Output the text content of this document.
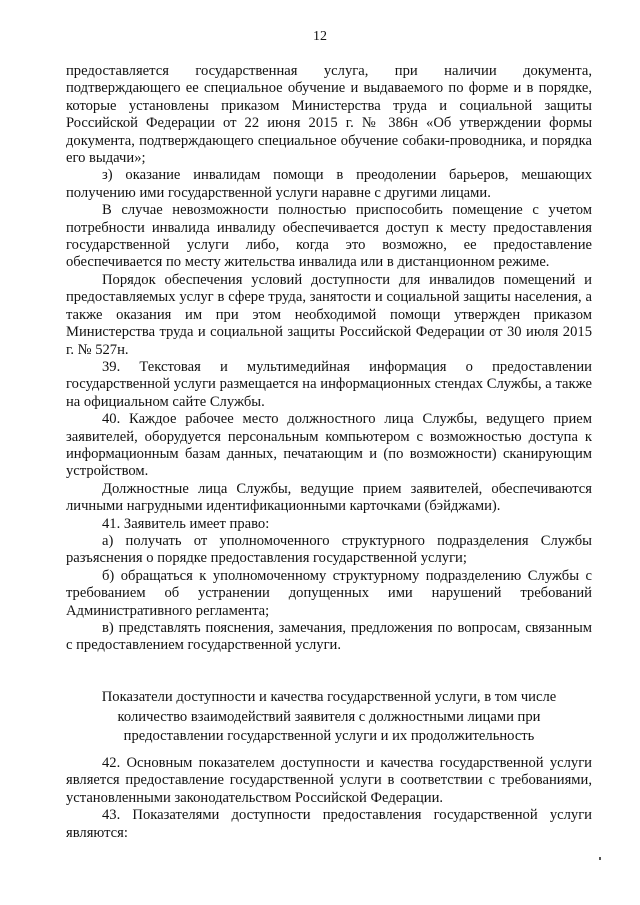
12

предоставляется государственная услуга, при наличии документа, подтверждающего ее специальное обучение и выдаваемого по форме и в порядке, которые установлены приказом Министерства труда и социальной защиты Российской Федерации от 22 июня 2015 г. № 386н «Об утверждении формы документа, подтверждающего специальное обучение собаки-проводника, и порядка его выдачи»;

з) оказание инвалидам помощи в преодолении барьеров, мешающих получению ими государственной услуги наравне с другими лицами.

В случае невозможности полностью приспособить помещение с учетом потребности инвалида инвалиду обеспечивается доступ к месту предоставления государственной услуги либо, когда это возможно, ее предоставление обеспечивается по месту жительства инвалида или в дистанционном режиме.

Порядок обеспечения условий доступности для инвалидов помещений и предоставляемых услуг в сфере труда, занятости и социальной защиты населения, а также оказания им при этом необходимой помощи утвержден приказом Министерства труда и социальной защиты Российской Федерации от 30 июля 2015 г. № 527н.

39. Текстовая и мультимедийная информация о предоставлении государственной услуги размещается на информационных стендах Службы, а также на официальном сайте Службы.

40. Каждое рабочее место должностного лица Службы, ведущего прием заявителей, оборудуется персональным компьютером с возможностью доступа к информационным базам данных, печатающим и (по возможности) сканирующим устройством.

Должностные лица Службы, ведущие прием заявителей, обеспечиваются личными нагрудными идентификационными карточками (бэйджами).

41. Заявитель имеет право:

а) получать от уполномоченного структурного подразделения Службы разъяснения о порядке предоставления государственной услуги;

б) обращаться к уполномоченному структурному подразделению Службы с требованием об устранении допущенных ими нарушений требований Административного регламента;

в) представлять пояснения, замечания, предложения по вопросам, связанным с предоставлением государственной услуги.

Показатели доступности и качества государственной услуги, в том числе
количество взаимодействий заявителя с должностными лицами при
предоставлении государственной услуги и их продолжительность

42. Основным показателем доступности и качества государственной услуги является предоставление государственной услуги в соответствии с требованиями, установленными законодательством Российской Федерации.

43. Показателями доступности предоставления государственной услуги являются:
